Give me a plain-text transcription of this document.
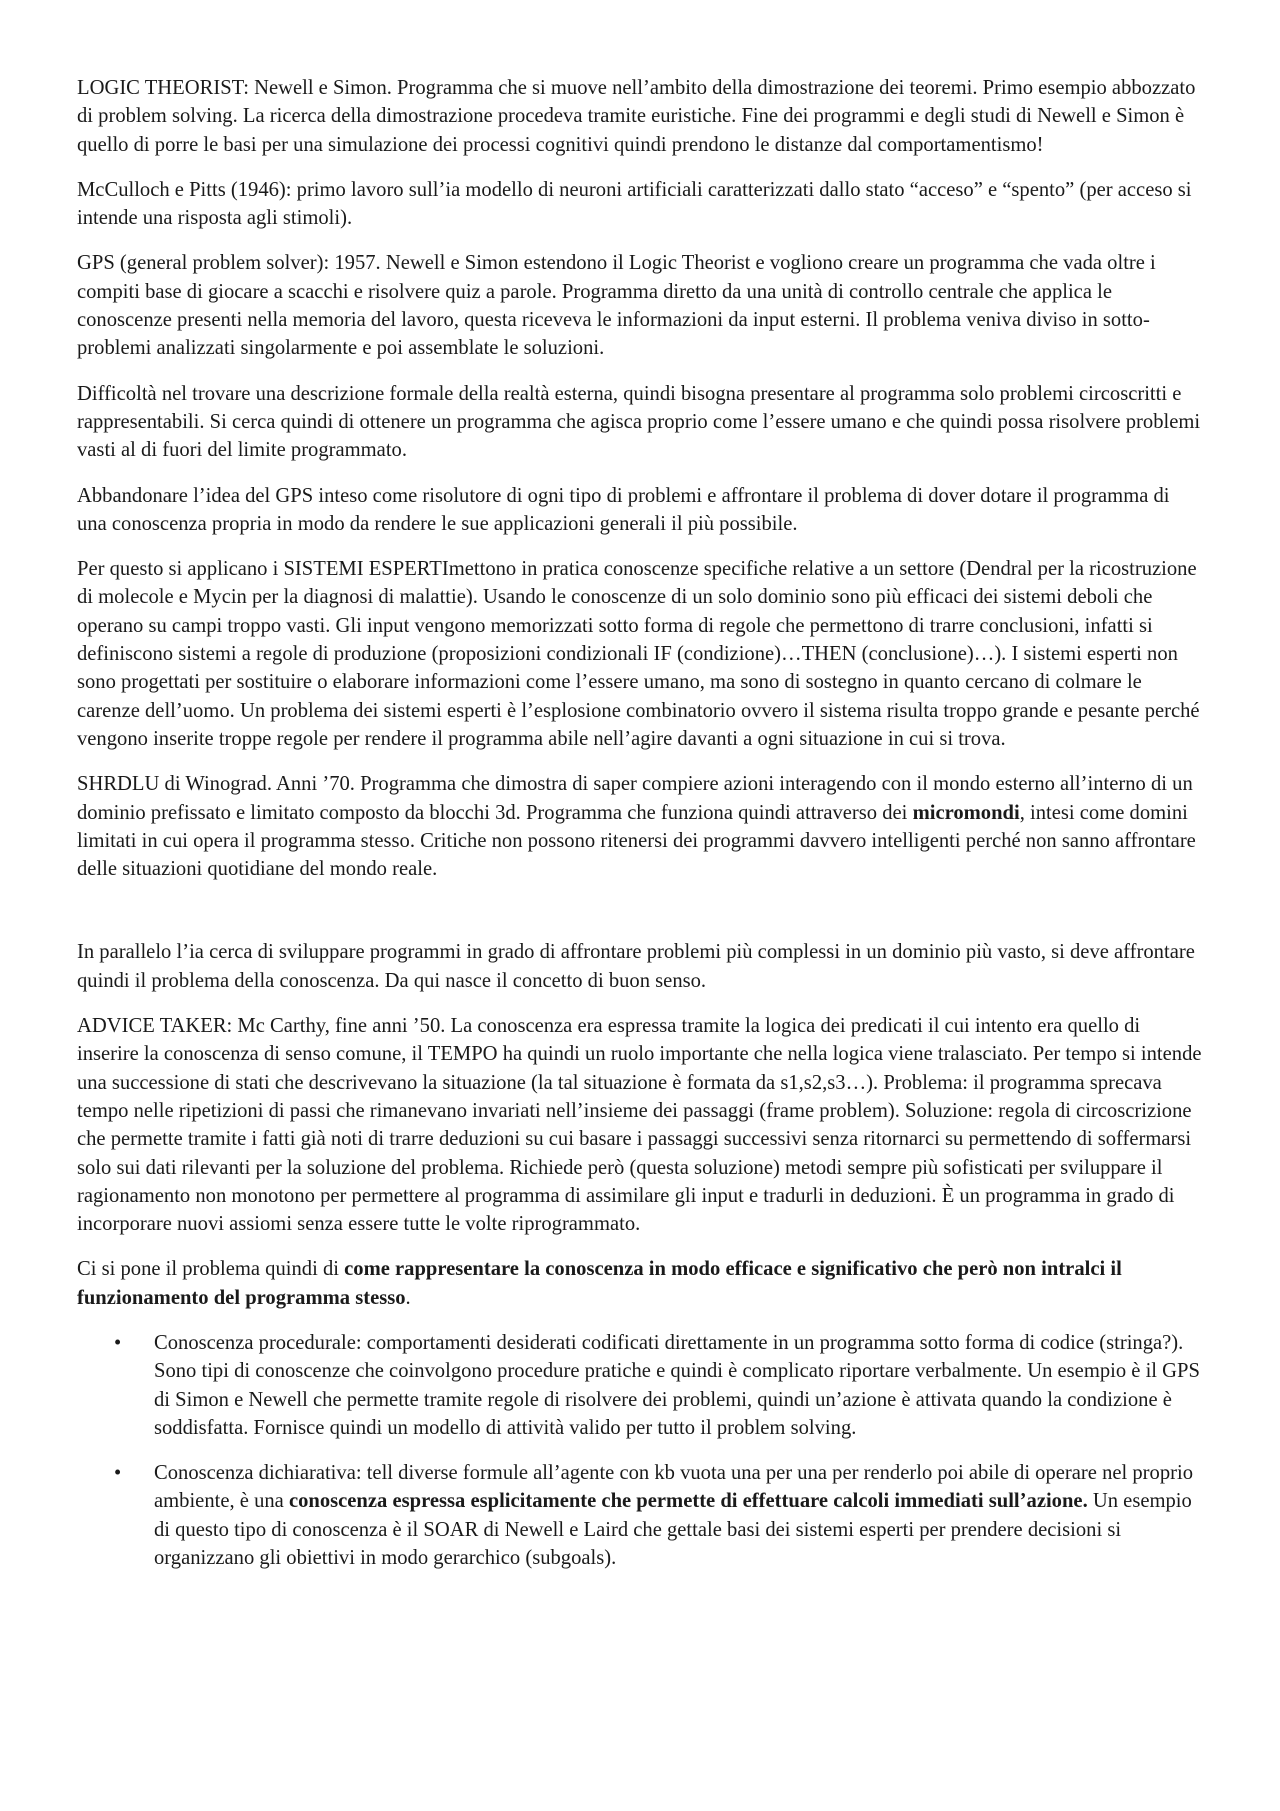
LOGIC THEORIST: Newell e Simon. Programma che si muove nell’ambito della dimostrazione dei teoremi. Primo esempio abbozzato di problem solving. La ricerca della dimostrazione procedeva tramite euristiche. Fine dei programmi e degli studi di Newell e Simon è quello di porre le basi per una simulazione dei processi cognitivi quindi prendono le distanze dal comportamentismo!

McCulloch e Pitts (1946): primo lavoro sull’ia modello di neuroni artificiali caratterizzati dallo stato “acceso” e “spento” (per acceso si intende una risposta agli stimoli).

GPS (general problem solver): 1957. Newell e Simon estendono il Logic Theorist e vogliono creare un programma che vada oltre i compiti base di giocare a scacchi e risolvere quiz a parole. Programma diretto da una unità di controllo centrale che applica le conoscenze presenti nella memoria del lavoro, questa riceveva le informazioni da input esterni. Il problema veniva diviso in sotto-problemi analizzati singolarmente e poi assemblate le soluzioni.

Difficoltà nel trovare una descrizione formale della realtà esterna, quindi bisogna presentare al programma solo problemi circoscritti e rappresentabili. Si cerca quindi di ottenere un programma che agisca proprio come l’essere umano e che quindi possa risolvere problemi vasti al di fuori del limite programmato.

Abbandonare l’idea del GPS inteso come risolutore di ogni tipo di problemi e affrontare il problema di dover dotare il programma di una conoscenza propria in modo da rendere le sue applicazioni generali il più possibile.

Per questo si applicano i SISTEMI ESPERTImettono in pratica conoscenze specifiche relative a un settore (Dendral per la ricostruzione di molecole e Mycin per la diagnosi di malattie). Usando le conoscenze di un solo dominio sono più efficaci dei sistemi deboli che operano su campi troppo vasti. Gli input vengono memorizzati sotto forma di regole che permettono di trarre conclusioni, infatti si definiscono sistemi a regole di produzione (proposizioni condizionali IF (condizione)…THEN (conclusione)…). I sistemi esperti non sono progettati per sostituire o elaborare informazioni come l’essere umano, ma sono di sostegno in quanto cercano di colmare le carenze dell’uomo. Un problema dei sistemi esperti è l’esplosione combinatorio ovvero il sistema risulta troppo grande e pesante perché vengono inserite troppe regole per rendere il programma abile nell’agire davanti a ogni situazione in cui si trova.

SHRDLU di Winograd. Anni ’70. Programma che dimostra di saper compiere azioni interagendo con il mondo esterno all’interno di un dominio prefissato e limitato composto da blocchi 3d. Programma che funziona quindi attraverso dei micromondi, intesi come domini limitati in cui opera il programma stesso. Critiche non possono ritenersi dei programmi davvero intelligenti perché non sanno affrontare delle situazioni quotidiane del mondo reale.

In parallelo l’ia cerca di sviluppare programmi in grado di affrontare problemi più complessi in un dominio più vasto, si deve affrontare quindi il problema della conoscenza. Da qui nasce il concetto di buon senso.

ADVICE TAKER: Mc Carthy, fine anni ’50. La conoscenza era espressa tramite la logica dei predicati il cui intento era quello di inserire la conoscenza di senso comune, il TEMPO ha quindi un ruolo importante che nella logica viene tralasciato. Per tempo si intende una successione di stati che descrivevano la situazione (la tal situazione è formata da s1,s2,s3…). Problema: il programma sprecava tempo nelle ripetizioni di passi che rimanevano invariati nell’insieme dei passaggi (frame problem). Soluzione: regola di circoscrizione che permette tramite i fatti già noti di trarre deduzioni su cui basare i passaggi successivi senza ritornarci su permettendo di soffermarsi solo sui dati rilevanti per la soluzione del problema. Richiede però (questa soluzione) metodi sempre più sofisticati per sviluppare il ragionamento non monotono per permettere al programma di assimilare gli input e tradurli in deduzioni. È un programma in grado di incorporare nuovi assiomi senza essere tutte le volte riprogrammato.

Ci si pone il problema quindi di come rappresentare la conoscenza in modo efficace e significativo che però non intralci il funzionamento del programma stesso.

• Conoscenza procedurale: comportamenti desiderati codificati direttamente in un programma sotto forma di codice (stringa?). Sono tipi di conoscenze che coinvolgono procedure pratiche e quindi è complicato riportare verbalmente. Un esempio è il GPS di Simon e Newell che permette tramite regole di risolvere dei problemi, quindi un’azione è attivata quando la condizione è soddisfatta. Fornisce quindi un modello di attività valido per tutto il problem solving.
• Conoscenza dichiarativa: tell diverse formule all’agente con kb vuota una per una per renderlo poi abile di operare nel proprio ambiente, è una conoscenza espressa esplicitamente che permette di effettuare calcoli immediati sull’azione. Un esempio di questo tipo di conoscenza è il SOAR di Newell e Laird che gettale basi dei sistemi esperti per prendere decisioni si organizzano gli obiettivi in modo gerarchico (subgoals).
